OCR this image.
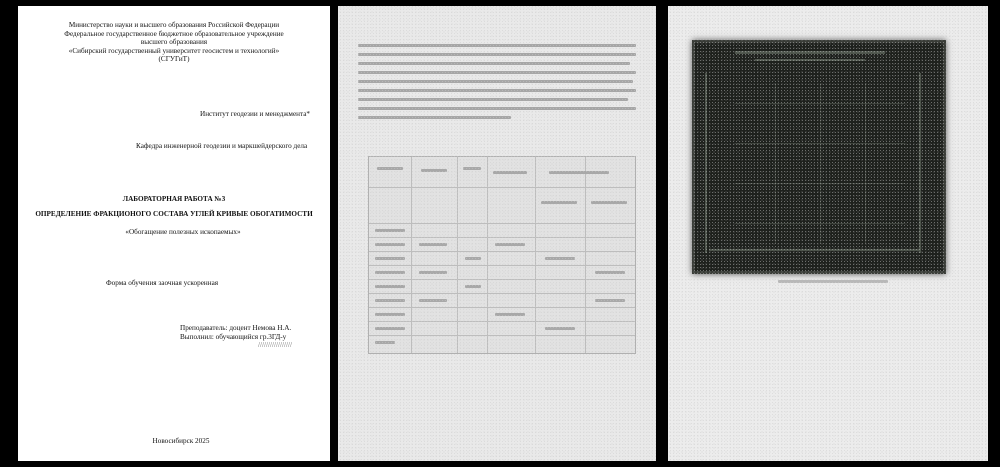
Министерство науки и высшего образования Российской Федерации
Федеральное государственное бюджетное образовательное учреждение
высшего образования
«Сибирский государственный университет геосистем и технологий»
(СГУГиТ)
Институт геодезии и менеджмента*
Кафедра инженерной геодезии и маркшейдерского дела
ЛАБОРАТОРНАЯ РАБОТА №3
ОПРЕДЕЛЕНИЕ ФРАКЦИОНОГО СОСТАВА УГЛЕЙ КРИВЫЕ ОБОГАТИМОСТИ
«Обогащение полезных ископаемых»
Форма обучения заочная ускоренная
Преподаватель: доцент Немова Н.А.
Выполнил: обучающийся гр.3ГД-у
/////////////////
Новосибирск 2025
